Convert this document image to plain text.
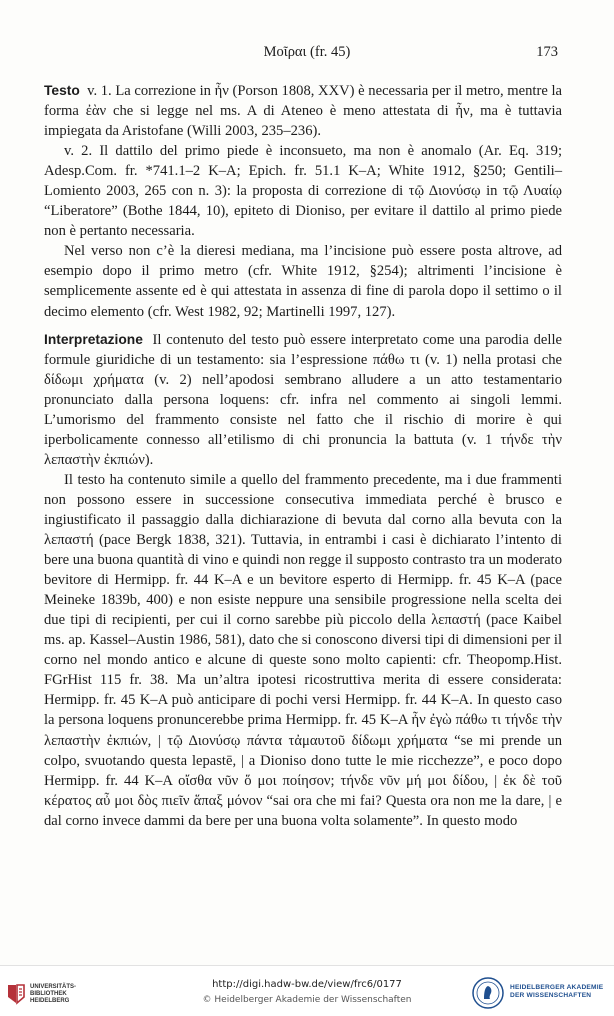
Μοῖραι (fr. 45)	173

Testo v. 1. La correzione in ἦν (Porson 1808, XXV) è necessaria per il metro, mentre la forma ἐὰν che si legge nel ms. A di Ateneo è meno attestata di ἦν, ma è tuttavia impiegata da Aristofane (Willi 2003, 235–236).

v. 2. Il dattilo del primo piede è inconsueto, ma non è anomalo (Ar. Eq. 319; Adesp.Com. fr. *741.1–2 K–A; Epich. fr. 51.1 K–A; White 1912, §250; Gentili–Lomiento 2003, 265 con n. 3): la proposta di correzione di τῷ Διονύσῳ in τῷ Λυαίῳ “Liberatore” (Bothe 1844, 10), epiteto di Dioniso, per evitare il dattilo al primo piede non è pertanto necessaria.

Nel verso non c’è la dieresi mediana, ma l’incisione può essere posta altrove, ad esempio dopo il primo metro (cfr. White 1912, §254); altrimenti l’incisione è semplicemente assente ed è qui attestata in assenza di fine di parola dopo il settimo o il decimo elemento (cfr. West 1982, 92; Martinelli 1997, 127).

Interpretazione Il contenuto del testo può essere interpretato come una parodia delle formule giuridiche di un testamento: sia l’espressione πάθω τι (v. 1) nella protasi che δίδωμι χρήματα (v. 2) nell’apodosi sembrano alludere a un atto testamentario pronunciato dalla persona loquens: cfr. infra nel commento ai singoli lemmi. L’umorismo del frammento consiste nel fatto che il rischio di morire è qui iperbolicamente connesso all’etilismo di chi pronuncia la battuta (v. 1 τήνδε τὴν λεπαστὴν ἐκπιών).

Il testo ha contenuto simile a quello del frammento precedente, ma i due frammenti non possono essere in successione consecutiva immediata perché è brusco e ingiustificato il passaggio dalla dichiarazione di bevuta dal corno alla bevuta con la λεπαστή (pace Bergk 1838, 321). Tuttavia, in entrambi i casi è dichiarato l’intento di bere una buona quantità di vino e quindi non regge il supposto contrasto tra un moderato bevitore di Hermipp. fr. 44 K–A e un bevitore esperto di Hermipp. fr. 45 K–A (pace Meineke 1839b, 400) e non esiste neppure una sensibile progressione nella scelta dei due tipi di recipienti, per cui il corno sarebbe più piccolo della λεπαστή (pace Kaibel ms. ap. Kassel–Austin 1986, 581), dato che si conoscono diversi tipi di dimensioni per il corno nel mondo antico e alcune di queste sono molto capienti: cfr. Theopomp.Hist. FGrHist 115 fr. 38. Ma un’altra ipotesi ricostruttiva merita di essere considerata: Hermipp. fr. 45 K–A può anticipare di pochi versi Hermipp. fr. 44 K–A. In questo caso la persona loquens pronuncerebbe prima Hermipp. fr. 45 K–A ἦν ἐγὼ πάθω τι τήνδε τὴν λεπαστὴν ἐκπιών, | τῷ Διονύσῳ πάντα τἀμαυτοῦ δίδωμι χρήματα “se mi prende un colpo, svuotando questa lepastē, | a Dioniso dono tutte le mie ricchezze”, e poco dopo Hermipp. fr. 44 K–A οἴσθα νῦν ὅ μοι ποίησον; τήνδε νῦν μή μοι δίδου, | ἐκ δὲ τοῦ κέρατος αὖ μοι δὸς πιεῖν ἅπαξ μόνον “sai ora che mi fai? Questa ora non me la dare, | e dal corno invece dammi da bere per una buona volta solamente”. In questo modo

UNIVERSITÄTS-
BIBLIOTHEK
HEIDELBERG
http://digi.hadw-bw.de/view/frc6/0177
© Heidelberger Akademie der Wissenschaften
HEIDELBERGER AKADEMIE
DER WISSENSCHAFTEN
